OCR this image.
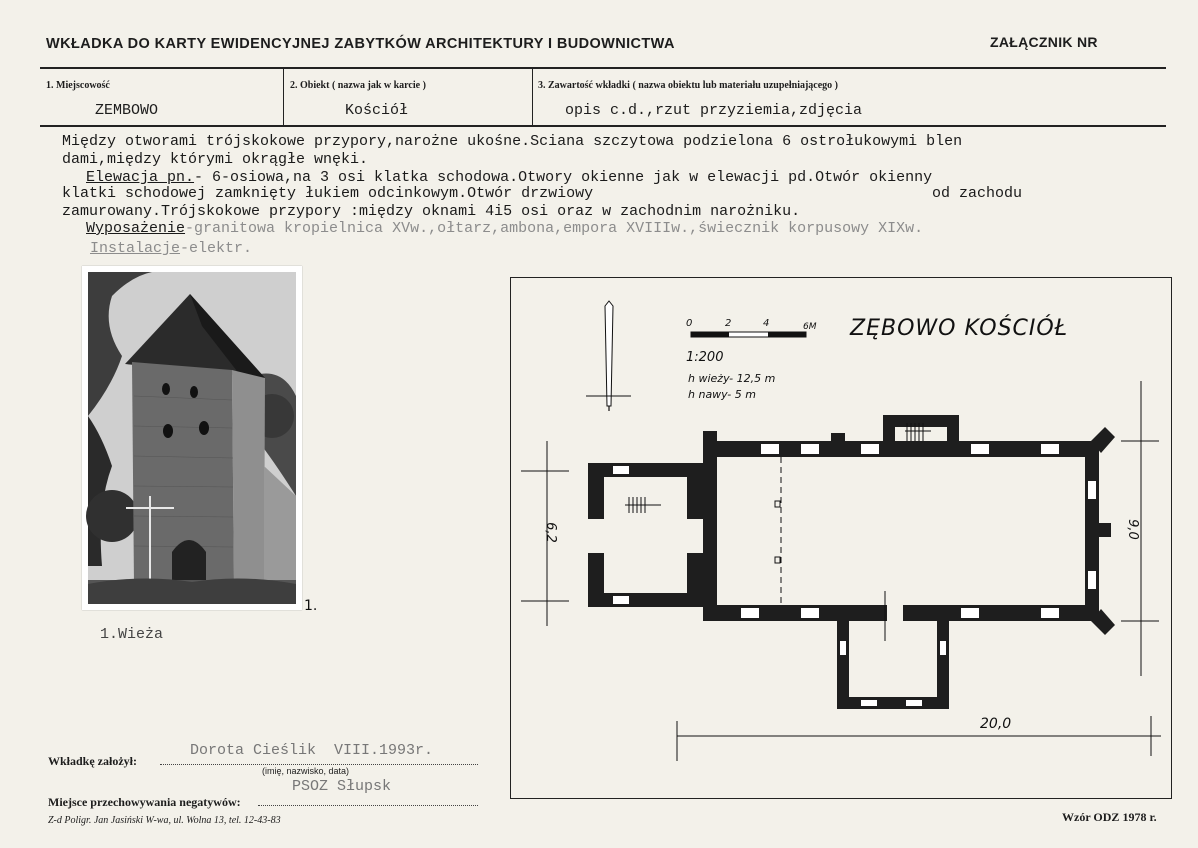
WKŁADKA DO KARTY EWIDENCYJNEJ ZABYTKÓW ARCHITEKTURY I BUDOWNICTWA	ZAŁĄCZNIK NR
1. Miejscowość
ZEMBOWO
2. Obiekt ( nazwa jak w karcie )
Kościół
3. Zawartość wkładki ( nazwa obiektu lub materiału uzupełniającego )
opis c.d.,rzut przyziemia,zdjęcia
Między otworami trójskokowe przypory,narożne ukośne.Sciana szczytowa podzielona 6 ostrołukowymi blen
dami,między którymi okrągłe wnęki.
Elewacja pn.- 6-osiowa,na 3 osi klatka schodowa.Otwory okienne jak w elewacji pd.Otwór okienny
klatki schodowej zamknięty łukiem odcinkowym.Otwór drzwiowy	od zachodu
zamurowany.Trójskokowe przypory :między oknami 4i5 osi oraz w zachodnim narożniku.
Wyposażenie-granitowa kropielnica XVw.,ołtarz,ambona,empora XVIIIw.,świecznik korpusowy XIXw.
Instalacje-elektr.
1.
1.Wieża
ZĘBOWO KOŚCIÓŁ
0	2	4	6M
1:200
h wieży- 12,5 m
h nawy- 5 m
6,2	9,0
20,0
Wkładkę założył:
Dorota Cieślik  VIII.1993r.
(imię, nazwisko, data)
Miejsce przechowywania negatywów:
PSOZ Słupsk
Z-d Poligr. Jan Jasiński W-wa, ul. Wolna 13, tel. 12-43-83	Wzór ODZ 1978 r.
